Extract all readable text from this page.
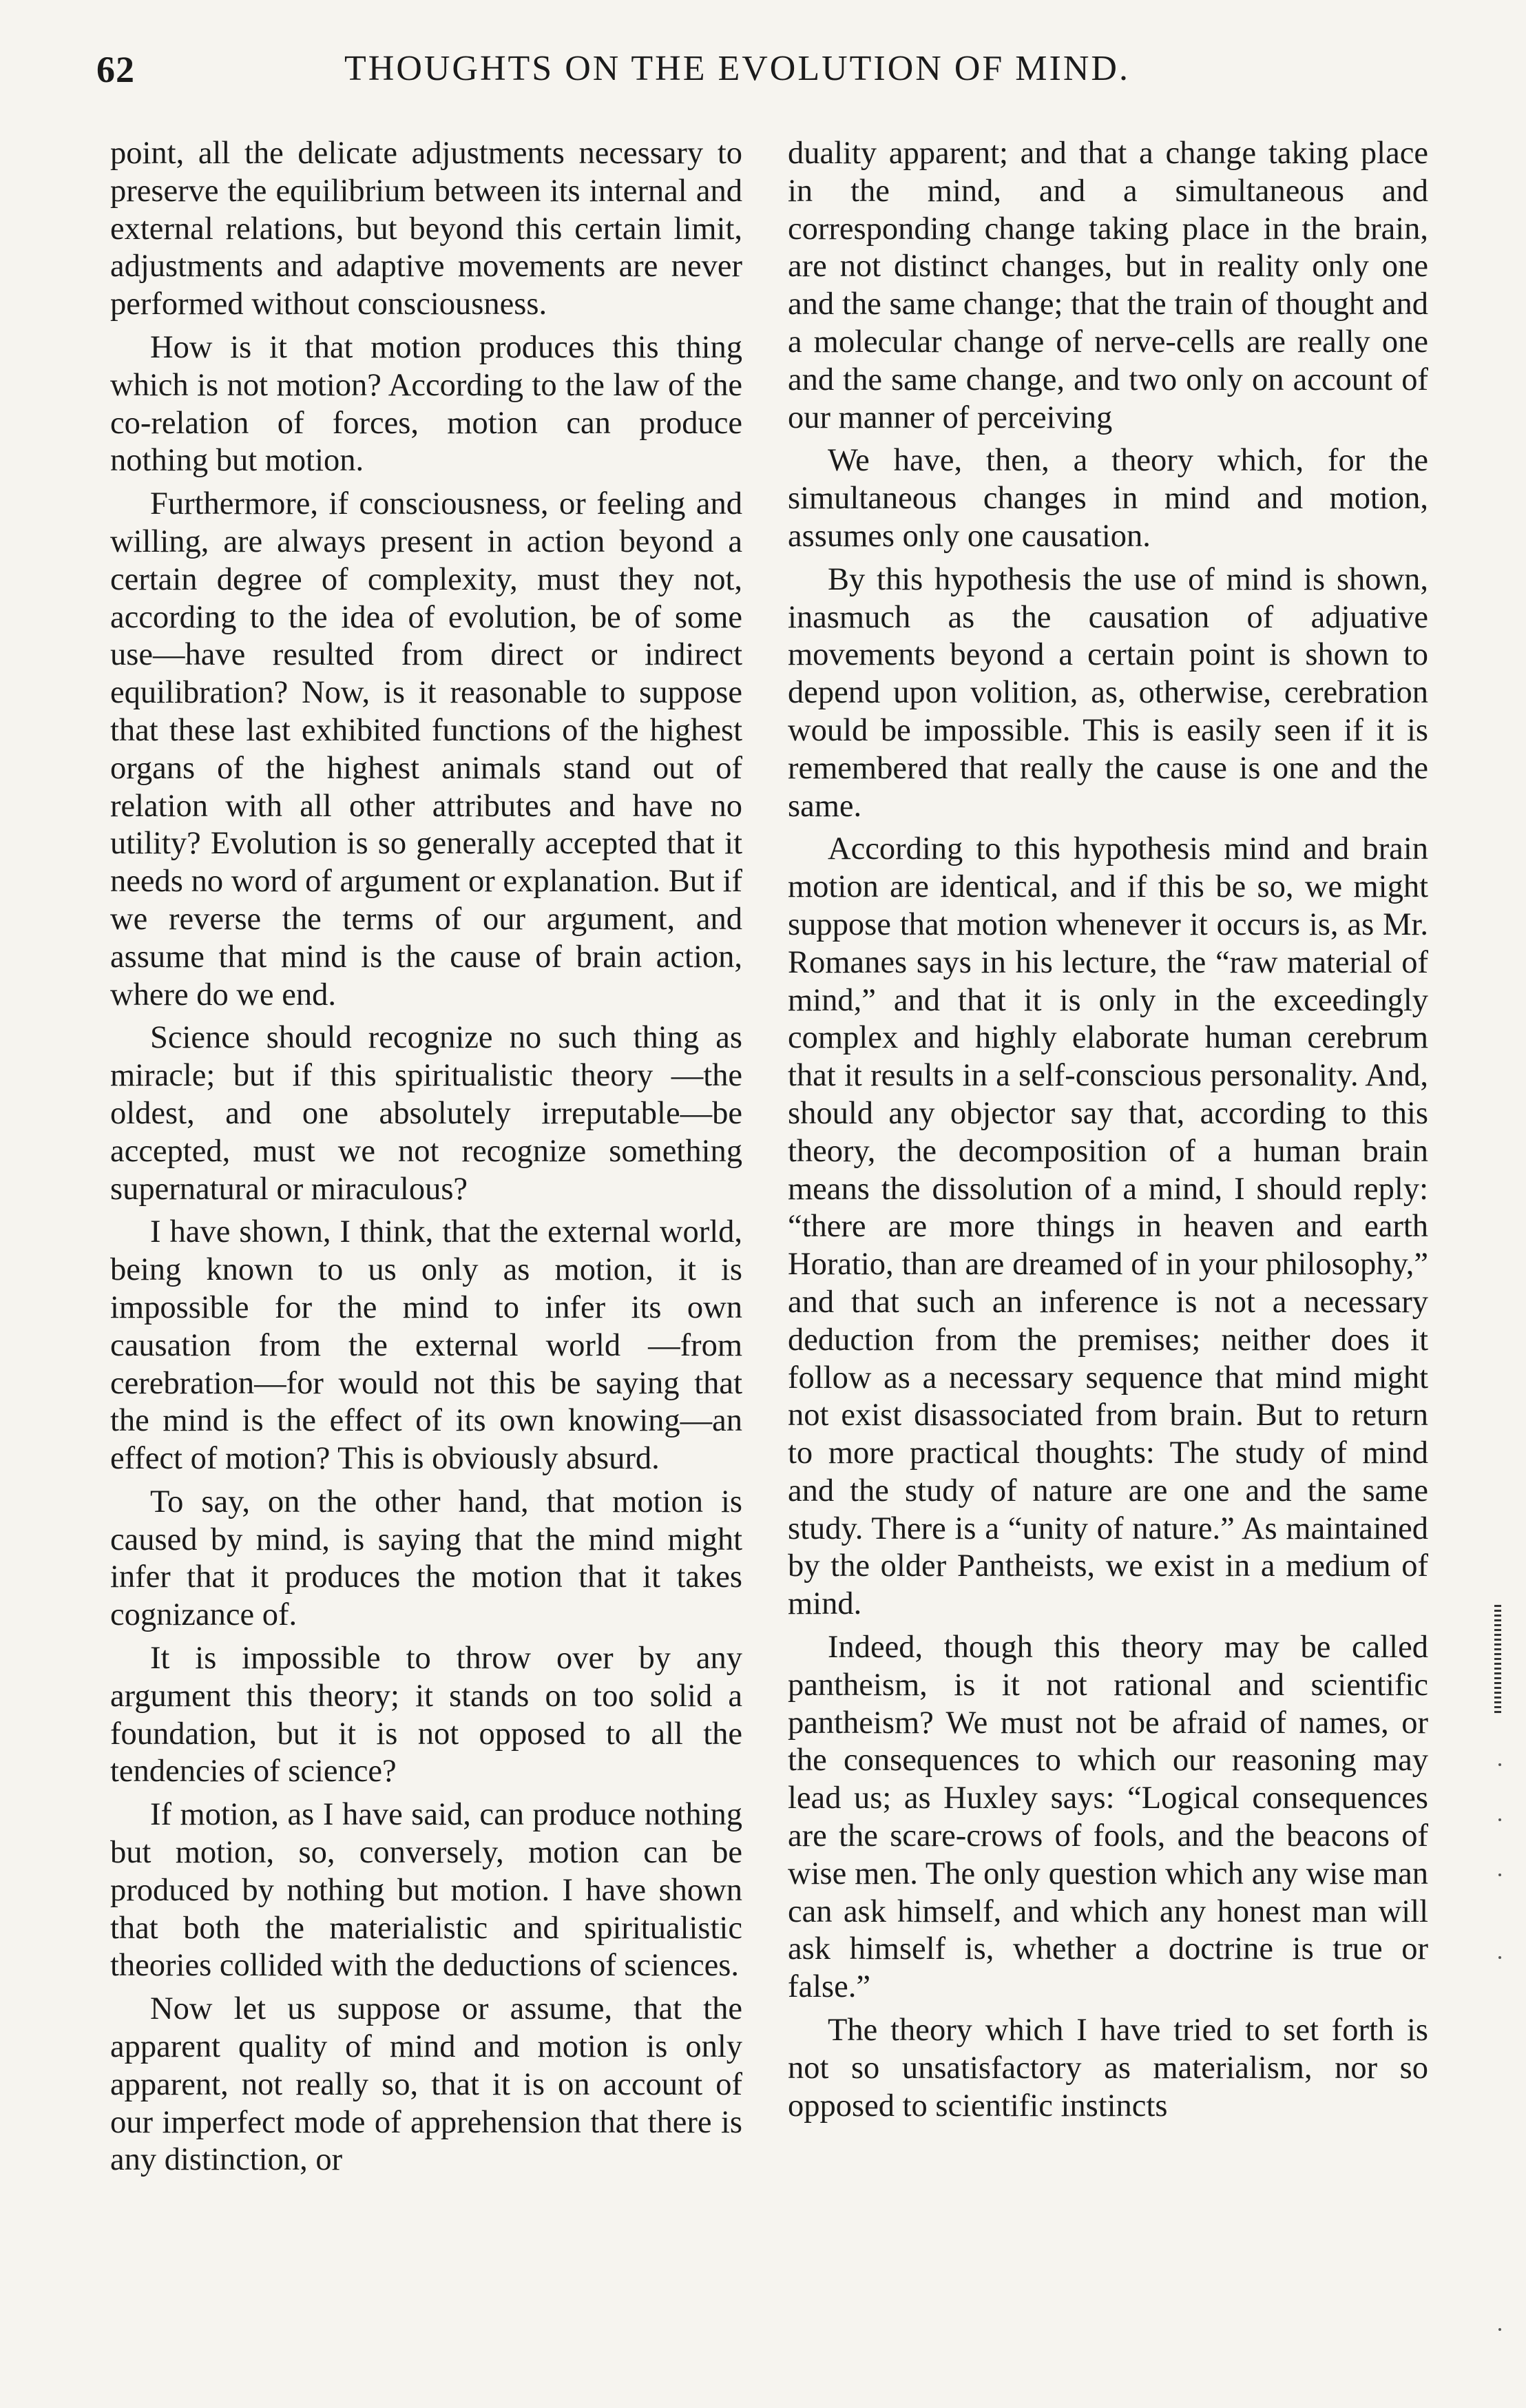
62	THOUGHTS ON THE EVOLUTION OF MIND.

point, all the delicate adjustments necessary to preserve the equilibrium between its internal and external relations, but beyond this certain limit, adjustments and adaptive movements are never performed without consciousness.

How is it that motion produces this thing which is not motion? According to the law of the co-relation of forces, motion can produce nothing but motion.

Furthermore, if consciousness, or feeling and willing, are always present in action beyond a certain degree of complexity, must they not, according to the idea of evolution, be of some use—have resulted from direct or indirect equilibration? Now, is it reasonable to suppose that these last exhibited functions of the highest organs of the highest animals stand out of relation with all other attributes and have no utility? Evolution is so generally accepted that it needs no word of argument or explanation. But if we reverse the terms of our argument, and assume that mind is the cause of brain action, where do we end.

Science should recognize no such thing as miracle; but if this spiritualistic theory —the oldest, and one absolutely irreputable—be accepted, must we not recognize something supernatural or miraculous?

I have shown, I think, that the external world, being known to us only as motion, it is impossible for the mind to infer its own causation from the external world —from cerebration—for would not this be saying that the mind is the effect of its own knowing—an effect of motion? This is obviously absurd.

To say, on the other hand, that motion is caused by mind, is saying that the mind might infer that it produces the motion that it takes cognizance of.

It is impossible to throw over by any argument this theory; it stands on too solid a foundation, but it is not opposed to all the tendencies of science?

If motion, as I have said, can produce nothing but motion, so, conversely, motion can be produced by nothing but motion. I have shown that both the materialistic and spiritualistic theories collided with the deductions of sciences.

Now let us suppose or assume, that the apparent quality of mind and motion is only apparent, not really so, that it is on account of our imperfect mode of apprehension that there is any distinction, or

duality apparent; and that a change taking place in the mind, and a simultaneous and corresponding change taking place in the brain, are not distinct changes, but in reality only one and the same change; that the train of thought and a molecular change of nerve-cells are really one and the same change, and two only on account of our manner of perceiving

We have, then, a theory which, for the simultaneous changes in mind and motion, assumes only one causation.

By this hypothesis the use of mind is shown, inasmuch as the causation of adjuative movements beyond a certain point is shown to depend upon volition, as, otherwise, cerebration would be impossible. This is easily seen if it is remembered that really the cause is one and the same.

According to this hypothesis mind and brain motion are identical, and if this be so, we might suppose that motion whenever it occurs is, as Mr. Romanes says in his lecture, the “raw material of mind,” and that it is only in the exceedingly complex and highly elaborate human cerebrum that it results in a self-conscious personality. And, should any objector say that, according to this theory, the decomposition of a human brain means the dissolution of a mind, I should reply: “there are more things in heaven and earth Horatio, than are dreamed of in your philosophy,” and that such an inference is not a necessary deduction from the premises; neither does it follow as a necessary sequence that mind might not exist disassociated from brain. But to return to more practical thoughts: The study of mind and the study of nature are one and the same study. There is a “unity of nature.” As maintained by the older Pantheists, we exist in a medium of mind.

Indeed, though this theory may be called pantheism, is it not rational and scientific pantheism? We must not be afraid of names, or the consequences to which our reasoning may lead us; as Huxley says: “Logical consequences are the scare-crows of fools, and the beacons of wise men. The only question which any wise man can ask himself, and which any honest man will ask himself is, whether a doctrine is true or false.”

The theory which I have tried to set forth is not so unsatisfactory as materialism, nor so opposed to scientific instincts
